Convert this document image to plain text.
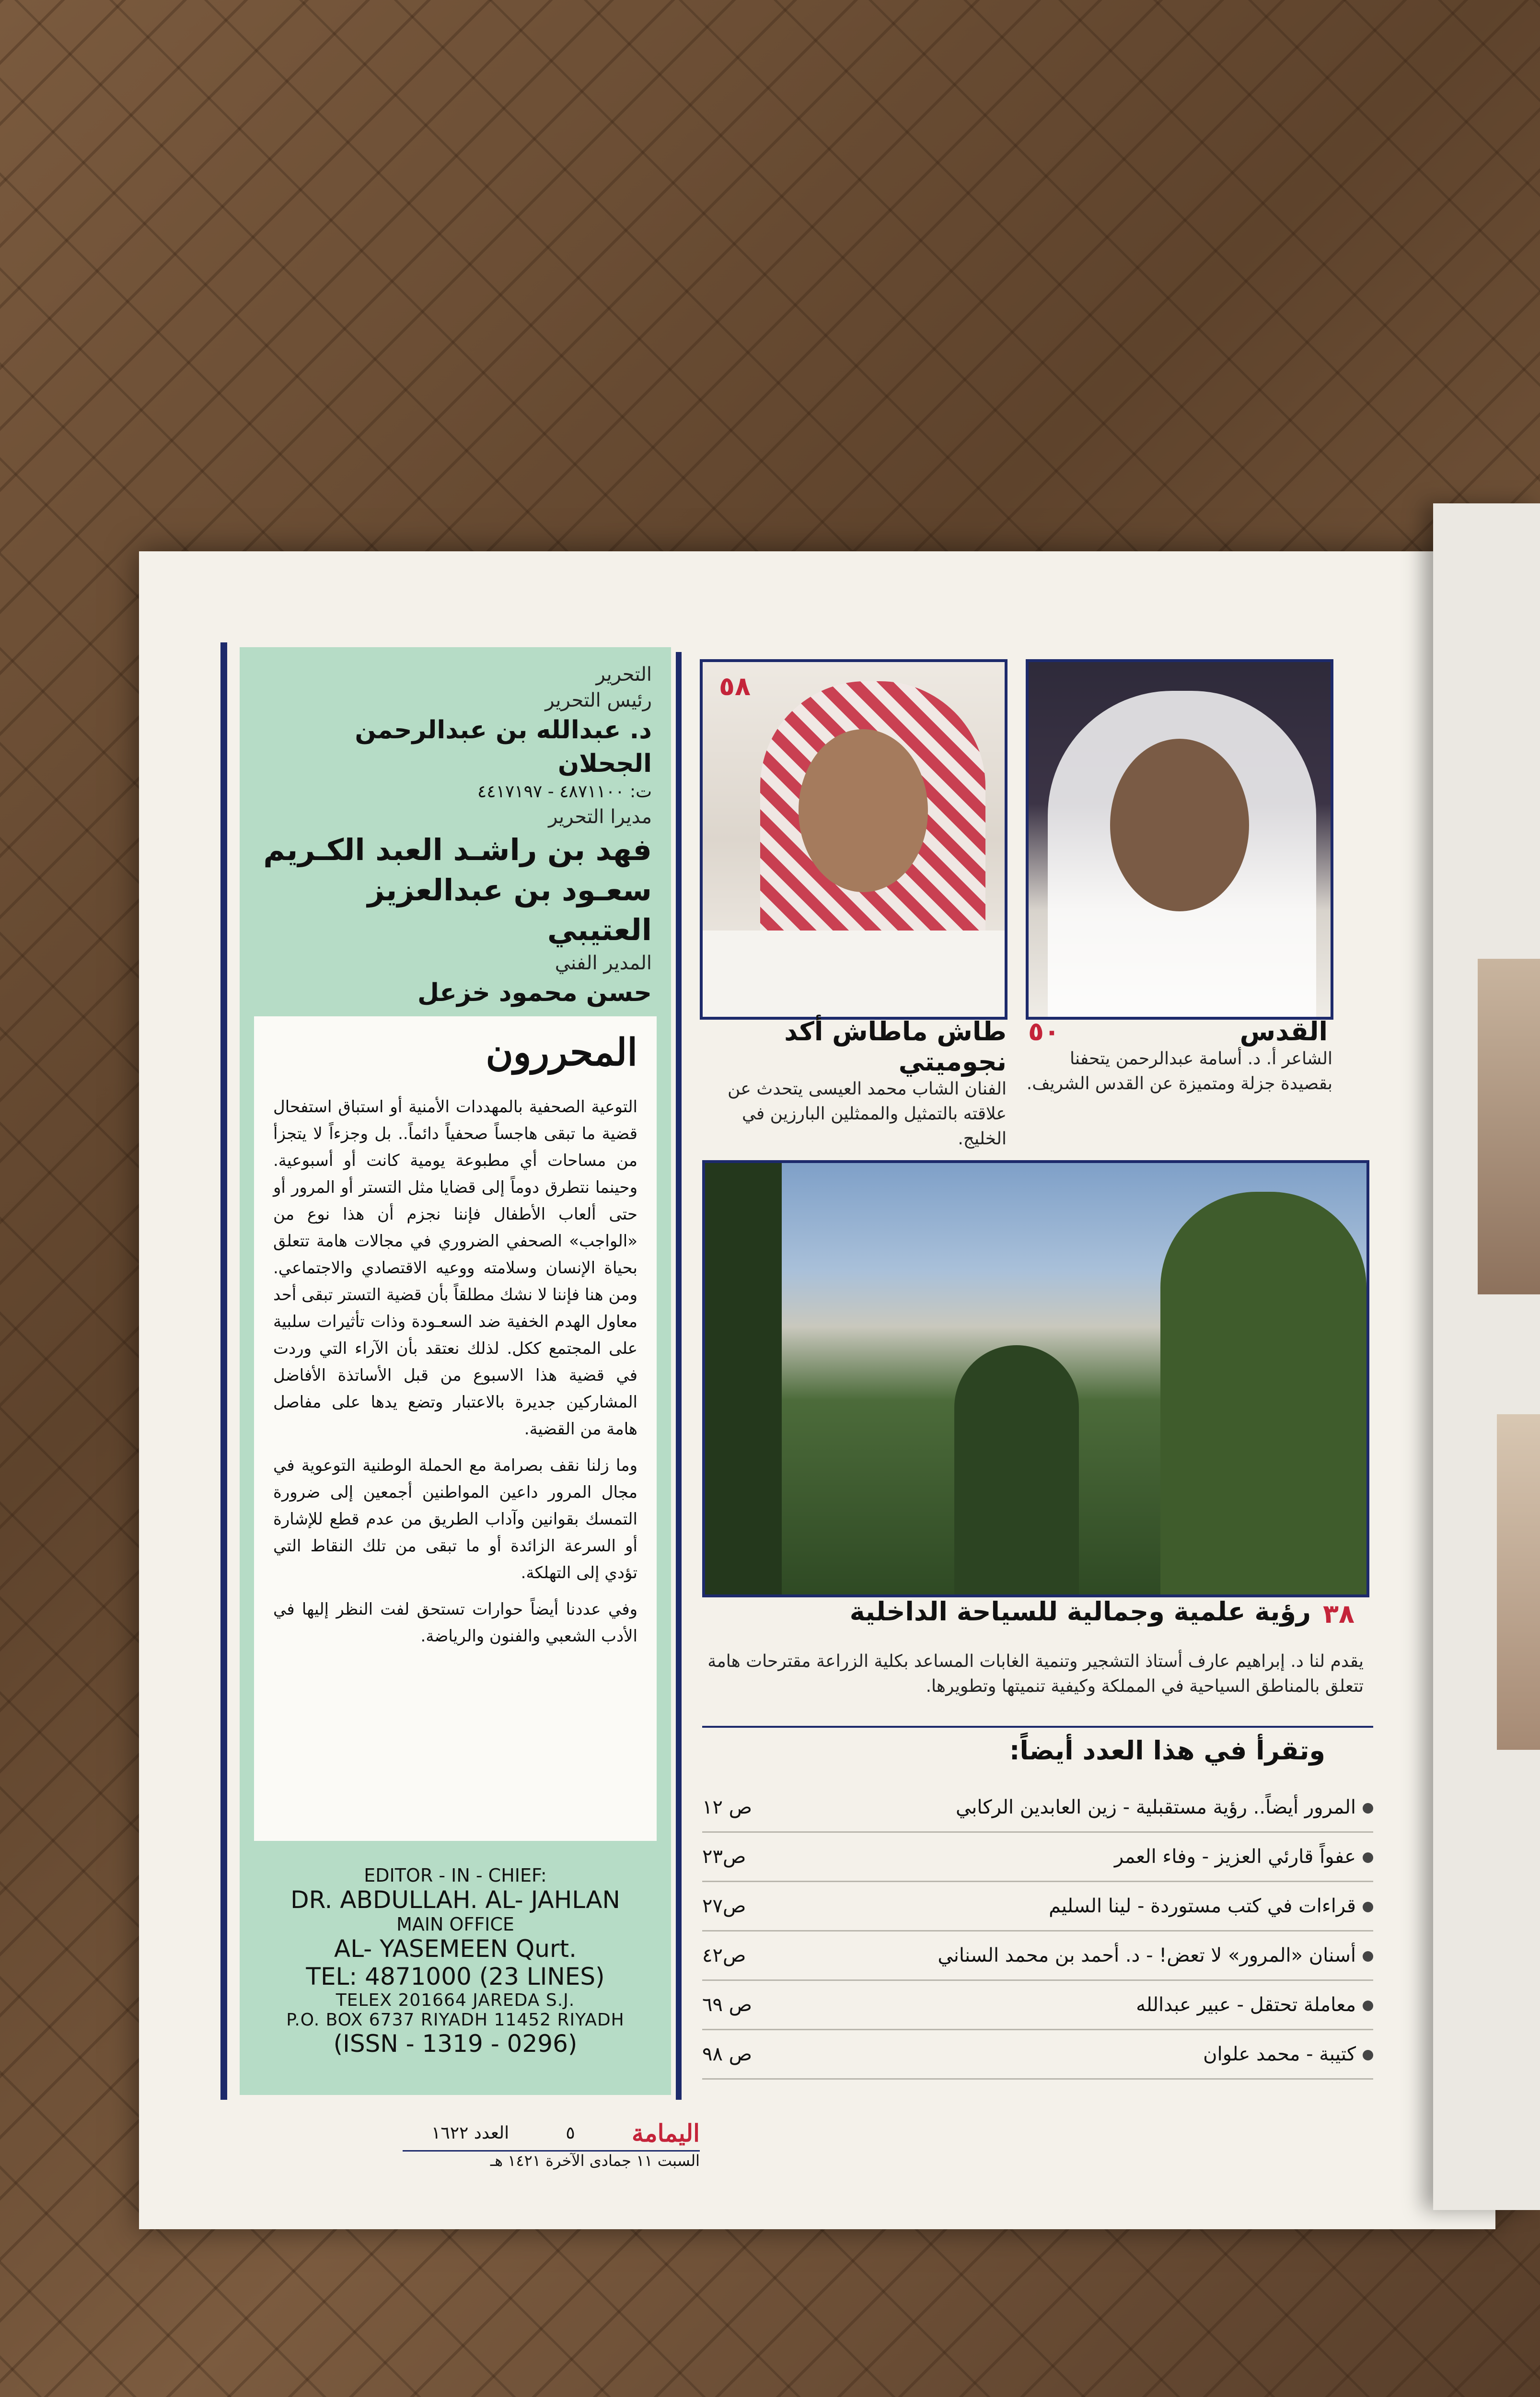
التحرير
رئيس التحرير
د. عبدالله بن عبدالرحمن الجحلان
ت: ٤٨٧١١٠٠ - ٤٤١٧١٩٧
مديرا التحرير
فهد بن راشـد العبد الكـريم
سعـود بن عبدالعزيز العتيبي
المدير الفني
حسن محمود خزعل
المحررون

التوعية الصحفية بالمهددات الأمنية أو استباق استفحال قضية ما تبقى هاجساً صحفياً دائماً.. بل وجزءاً لا يتجزأ من مساحات أي مطبوعة يومية كانت أو أسبوعية. وحينما نتطرق دوماً إلى قضايا مثل التستر أو المرور أو حتى ألعاب الأطفال فإننا نجزم أن هذا نوع من «الواجب» الصحفي الضروري في مجالات هامة تتعلق بحياة الإنسان وسلامته ووعيه الاقتصادي والاجتماعي. ومن هنا فإننا لا نشك مطلقاً بأن قضية التستر تبقى أحد معاول الهدم الخفية ضد السعـودة وذات تأثيرات سلبية على المجتمع ككل. لذلك نعتقد بأن الآراء التي وردت في قضية هذا الاسبوع من قبل الأساتذة الأفاضل المشاركين جديرة بالاعتبار وتضع يدها على مفاصل هامة من القضية.

وما زلنا نقف بصرامة مع الحملة الوطنية التوعوية في مجال المرور داعين المواطنين أجمعين إلى ضرورة التمسك بقوانين وآداب الطريق من عدم قطع للإشارة أو السرعة الزائدة أو ما تبقى من تلك النقاط التي تؤدي إلى التهلكة.

وفي عددنا أيضاً حوارات تستحق لفت النظر إليها في الأدب الشعبي والفنون والرياضة.

EDITOR - IN - CHIEF:
DR. ABDULLAH. AL- JAHLAN
MAIN OFFICE
AL- YASEMEEN Qurt.
TEL: 4871000 (23 LINES)
TELEX 201664 JAREDA S.J.
P.O. BOX 6737 RIYADH 11452 RIYADH
(ISSN - 1319 - 0296)
٥٠	القدس
الشاعر أ. د. أسامة عبدالرحمن يتحفنا بقصيدة جزلة ومتميزة عن القدس الشريف.
٥٨
طاش ماطاش أكد نجوميتي
الفنان الشاب محمد العيسى يتحدث عن علاقته بالتمثيل والممثلين البارزين في الخليج.
٣٨
رؤية علمية وجمالية للسياحة الداخلية
يقدم لنا د. إبراهيم عارف أستاذ التشجير وتنمية الغابات المساعد بكلية الزراعة مقترحات هامة تتعلق بالمناطق السياحية في المملكة وكيفية تنميتها وتطويرها.
وتقرأ في هذا العدد أيضاً:
المرور أيضاً.. رؤية مستقبلية - زين العابدين الركابي
ص ١٢
عفواً قارئي العزيز - وفاء العمر
ص٢٣
قراءات في كتب مستوردة - لينا السليم
ص٢٧
أسنان «المرور» لا تعض! - د. أحمد بن محمد السناني
ص٤٢
معاملة تحتقل - عبير عبدالله
ص ٦٩
كتيبة - محمد علوان
ص ٩٨
اليمامة
٥
العدد ١٦٢٢
السبت ١١ جمادى الآخرة ١٤٢١ هـ
